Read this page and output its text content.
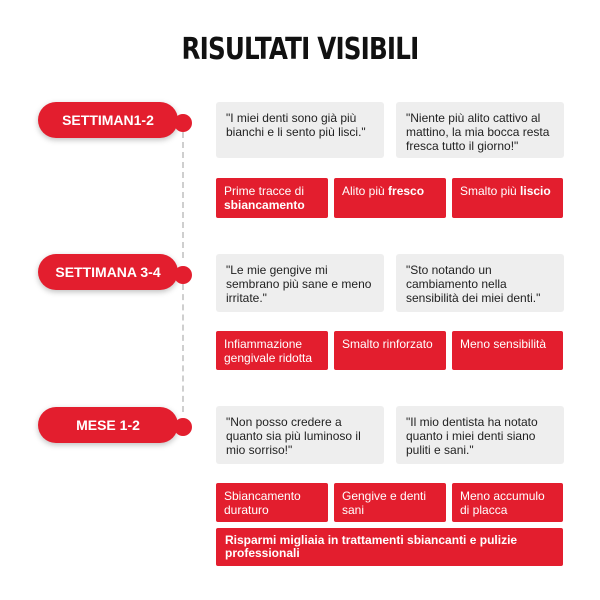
RISULTATI VISIBILI
SETTIMAN1-2	"I miei denti sono già più bianchi e li sento più lisci."
"Niente più alito cattivo al mattino, la mia bocca resta fresca tutto il giorno!"
Prime tracce di sbiancamento
Alito più fresco	Smalto più liscio
SETTIMANA 3-4	"Le mie gengive mi sembrano più sane e meno irritate."
"Sto notando un cambiamento nella sensibilità dei miei denti."
Infiammazione gengivale ridotta
Smalto rinforzato	Meno sensibilità
MESE 1-2	"Non posso credere a quanto sia più luminoso il mio sorriso!"
"Il mio dentista ha notato quanto i miei denti siano puliti e sani."
Sbiancamento duraturo
Gengive e denti sani
Meno accumulo di placca
Risparmi migliaia in trattamenti sbiancanti e pulizie professionali
